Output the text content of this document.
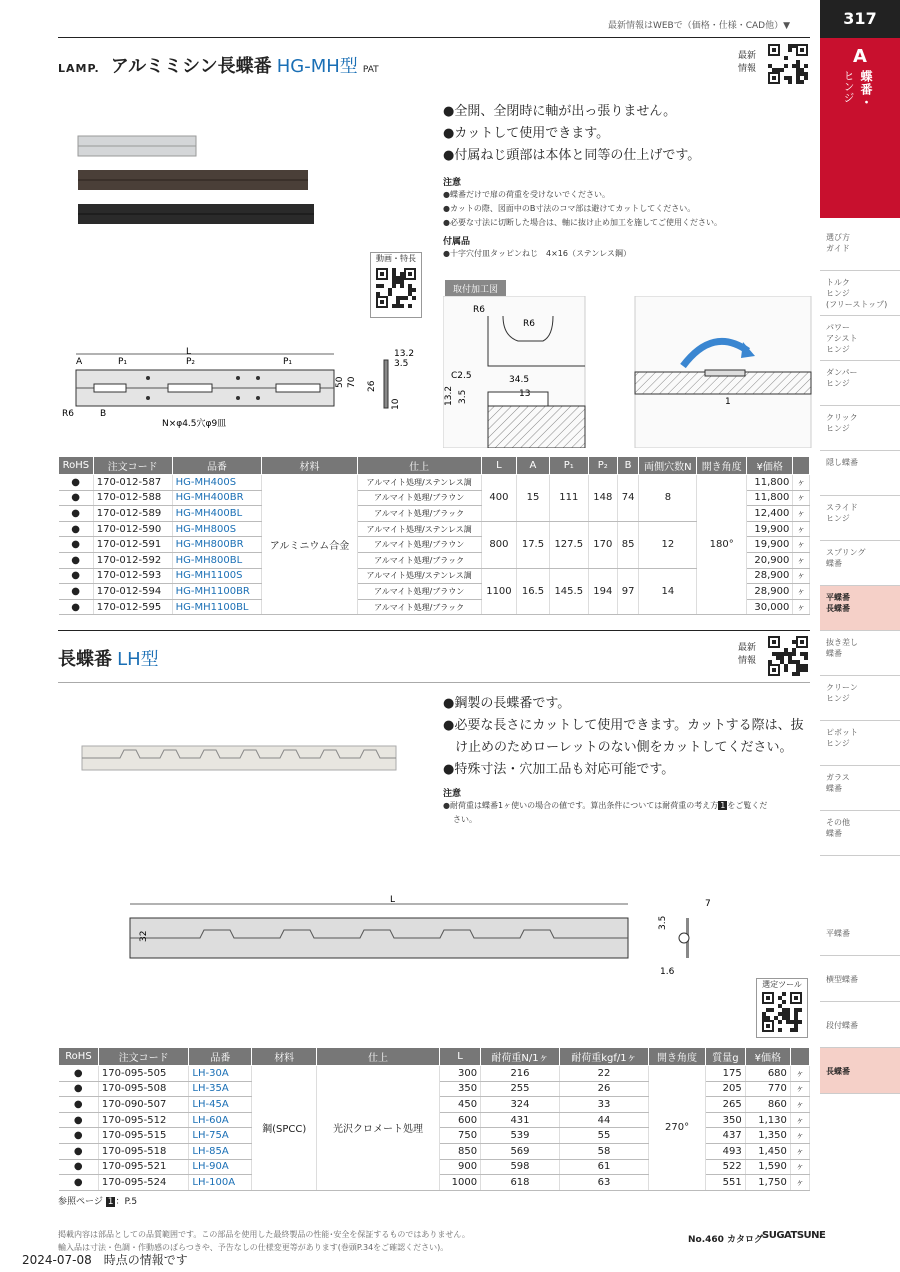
最新情報はWEBで（価格・仕様・CAD他）▼	317
A
蝶番・
ヒンジ
選び方
ガイド
トルク
ヒンジ
(フリーストップ)
パワー
アシスト
ヒンジ
ダンパー
ヒンジ
クリック
ヒンジ
隠し蝶番
スライド
ヒンジ
スプリング
蝶番
平蝶番
長蝶番
抜き差し
蝶番
クリーン
ヒンジ
ピボット
ヒンジ
ガラス
蝶番
その他
蝶番
平蝶番
横型蝶番
段付蝶番
長蝶番
LAMP. アルミミシン長蝶番 HG-MH型 PAT
最新
情報
●全開、全閉時に軸が出っ張りません。
●カットして使用できます。
●付属ねじ頭部は本体と同等の仕上げです。
注意
●蝶番だけで扉の荷重を受けないでください。
●カットの際、図面中のB寸法のコマ部は避けてカットしてください。
●必要な寸法に切断した場合は、軸に抜け止め加工を施してご使用ください。
付属品
●十字穴付皿タッピンねじ　4×16（ステンレス鋼）
動画・特長
取付加工図
R6
R6
C2.5	34.5
13
13.2 3.5	1
A	P₁
L
P₂	P₁
B
R6
N×φ4.5穴φ9皿
50 70
13.2
3.5
26
10
RoHS	注文コード	品番	材料	仕上	L	A	P₁	P₂	B	両側穴数N	開き角度	¥価格	
●	170-012-587	HG-MH400S	アルミニウム合金	アルマイト処理/ステンレス調	400	15	111	148	74	8	180°	11,800	ヶ
●	170-012-588	HG-MH400BR		アルマイト処理/ブラウン								11,800	ヶ
●	170-012-589	HG-MH400BL		アルマイト処理/ブラック								12,400	ヶ
●	170-012-590	HG-MH800S		アルマイト処理/ステンレス調	800	17.5	127.5	170	85	12		19,900	ヶ
●	170-012-591	HG-MH800BR		アルマイト処理/ブラウン								19,900	ヶ
●	170-012-592	HG-MH800BL		アルマイト処理/ブラック								20,900	ヶ
●	170-012-593	HG-MH1100S		アルマイト処理/ステンレス調	1100	16.5	145.5	194	97	14		28,900	ヶ
●	170-012-594	HG-MH1100BR		アルマイト処理/ブラウン								28,900	ヶ
●	170-012-595	HG-MH1100BL		アルマイト処理/ブラック								30,000	ヶ
長蝶番 LH型
最新
情報
●鋼製の長蝶番です。
●必要な長さにカットして使用できます。カットする際は、抜
け止めのためローレットのない側をカットしてください。
●特殊寸法・穴加工品も対応可能です。
注意
●耐荷重は蝶番1ヶ使いの場合の値です。算出条件については耐荷重の考え方 1 をご覧くだ
さい。
L
32
3.5
7
1.6
選定ツール
RoHS	注文コード	品番	材料	仕上	L	耐荷重N/1ヶ	耐荷重kgf/1ヶ	開き角度	質量g	¥価格	
●	170-095-505	LH-30A	鋼(SPCC)	光沢クロメート処理	300	216	22	270°	175	680	ヶ
●	170-095-508	LH-35A			350	255	26		205	770	ヶ
●	170-090-507	LH-45A			450	324	33		265	860	ヶ
●	170-095-512	LH-60A			600	431	44		350	1,130	ヶ
●	170-095-515	LH-75A			750	539	55		437	1,350	ヶ
●	170-095-518	LH-85A			850	569	58		493	1,450	ヶ
●	170-095-521	LH-90A			900	598	61		522	1,590	ヶ
●	170-095-524	LH-100A			1000	618	63		551	1,750	ヶ
参照ページ 1 ：P.5
掲載内容は部品としての品質範囲です。この部品を使用した最終製品の性能･安全を保証するものではありません。
輸入品は寸法・色調・作動感のばらつきや、予告なしの仕様変更等があります(巻頭P.34をご確認ください)。
No.460 カタログ
SUGATSUNE
2024-07-08　時点の情報です
